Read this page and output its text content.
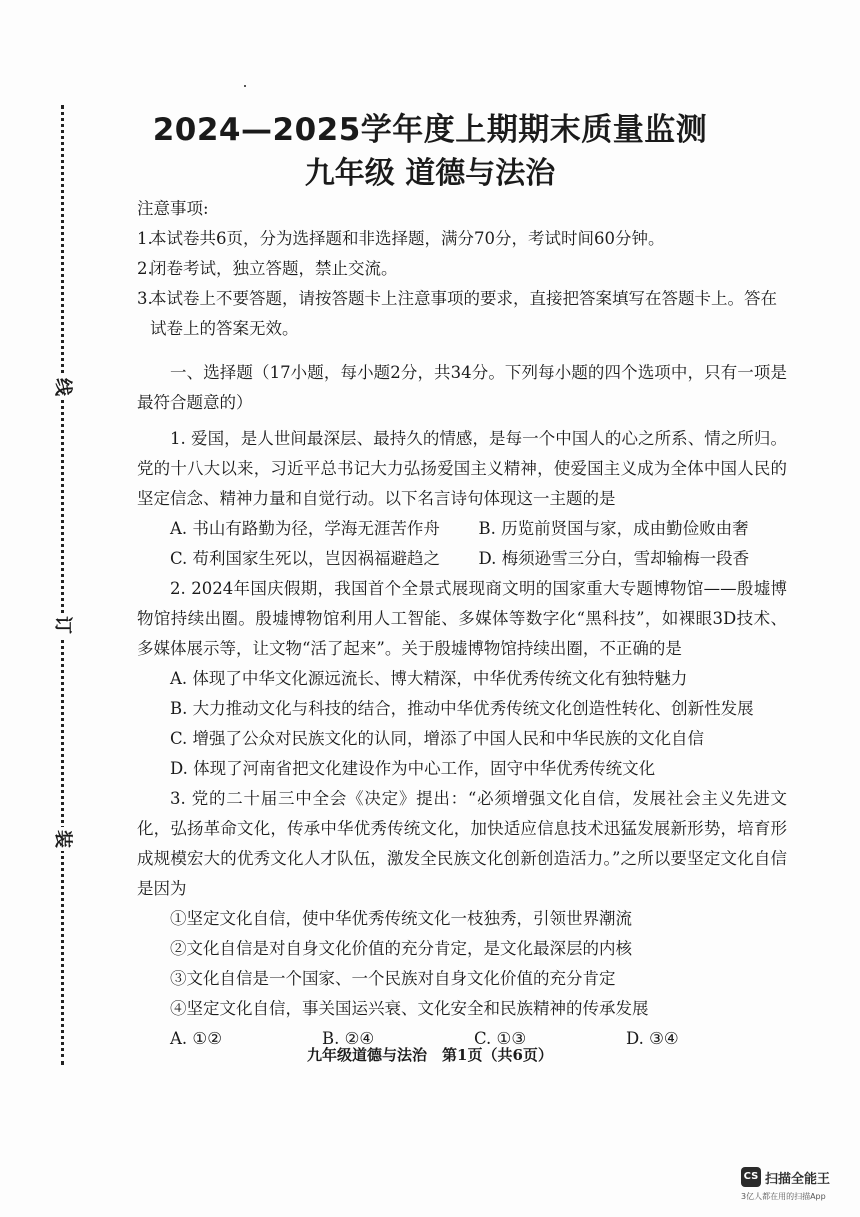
线
订
装
2024—2025学年度上期期末质量监测
九年级 道德与法治
注意事项:
1.
本试卷共6页，分为选择题和非选择题，满分70分，考试时间60分钟。
2.
闭卷考试，独立答题，禁止交流。
3.
本试卷上不要答题，请按答题卡上注意事项的要求，直接把答案填写在答题卡上。答在试卷上的答案无效。
一、选择题（17小题，每小题2分，共34分。下列每小题的四个选项中，只有一项是最符合题意的）
1. 爱国，是人世间最深层、最持久的情感，是每一个中国人的心之所系、情之所归。党的十八大以来，习近平总书记大力弘扬爱国主义精神，使爱国主义成为全体中国人民的坚定信念、精神力量和自觉行动。以下名言诗句体现这一主题的是
A. 书山有路勤为径，学海无涯苦作舟	B. 历览前贤国与家，成由勤俭败由奢
C. 苟利国家生死以，岂因祸福避趋之	D. 梅须逊雪三分白，雪却输梅一段香
2. 2024年国庆假期，我国首个全景式展现商文明的国家重大专题博物馆——殷墟博物馆持续出圈。殷墟博物馆利用人工智能、多媒体等数字化“黑科技”，如裸眼3D技术、多媒体展示等，让文物“活了起来”。关于殷墟博物馆持续出圈，不正确的是
A. 体现了中华文化源远流长、博大精深，中华优秀传统文化有独特魅力
B. 大力推动文化与科技的结合，推动中华优秀传统文化创造性转化、创新性发展
C. 增强了公众对民族文化的认同，增添了中国人民和中华民族的文化自信
D. 体现了河南省把文化建设作为中心工作，固守中华优秀传统文化
3. 党的二十届三中全会《决定》提出：“必须增强文化自信，发展社会主义先进文化，弘扬革命文化，传承中华优秀传统文化，加快适应信息技术迅猛发展新形势，培育形成规模宏大的优秀文化人才队伍，激发全民族文化创新创造活力。”之所以要坚定文化自信是因为
①坚定文化自信，使中华优秀传统文化一枝独秀，引领世界潮流
②文化自信是对自身文化价值的充分肯定，是文化最深层的内核
③文化自信是一个国家、一个民族对自身文化价值的充分肯定
④坚定文化自信，事关国运兴衰、文化安全和民族精神的传承发展
A. ①②	B. ②④	C. ①③	D. ③④
九年级道德与法治　第1页（共6页）
CS 扫描全能王
3亿人都在用的扫描App
